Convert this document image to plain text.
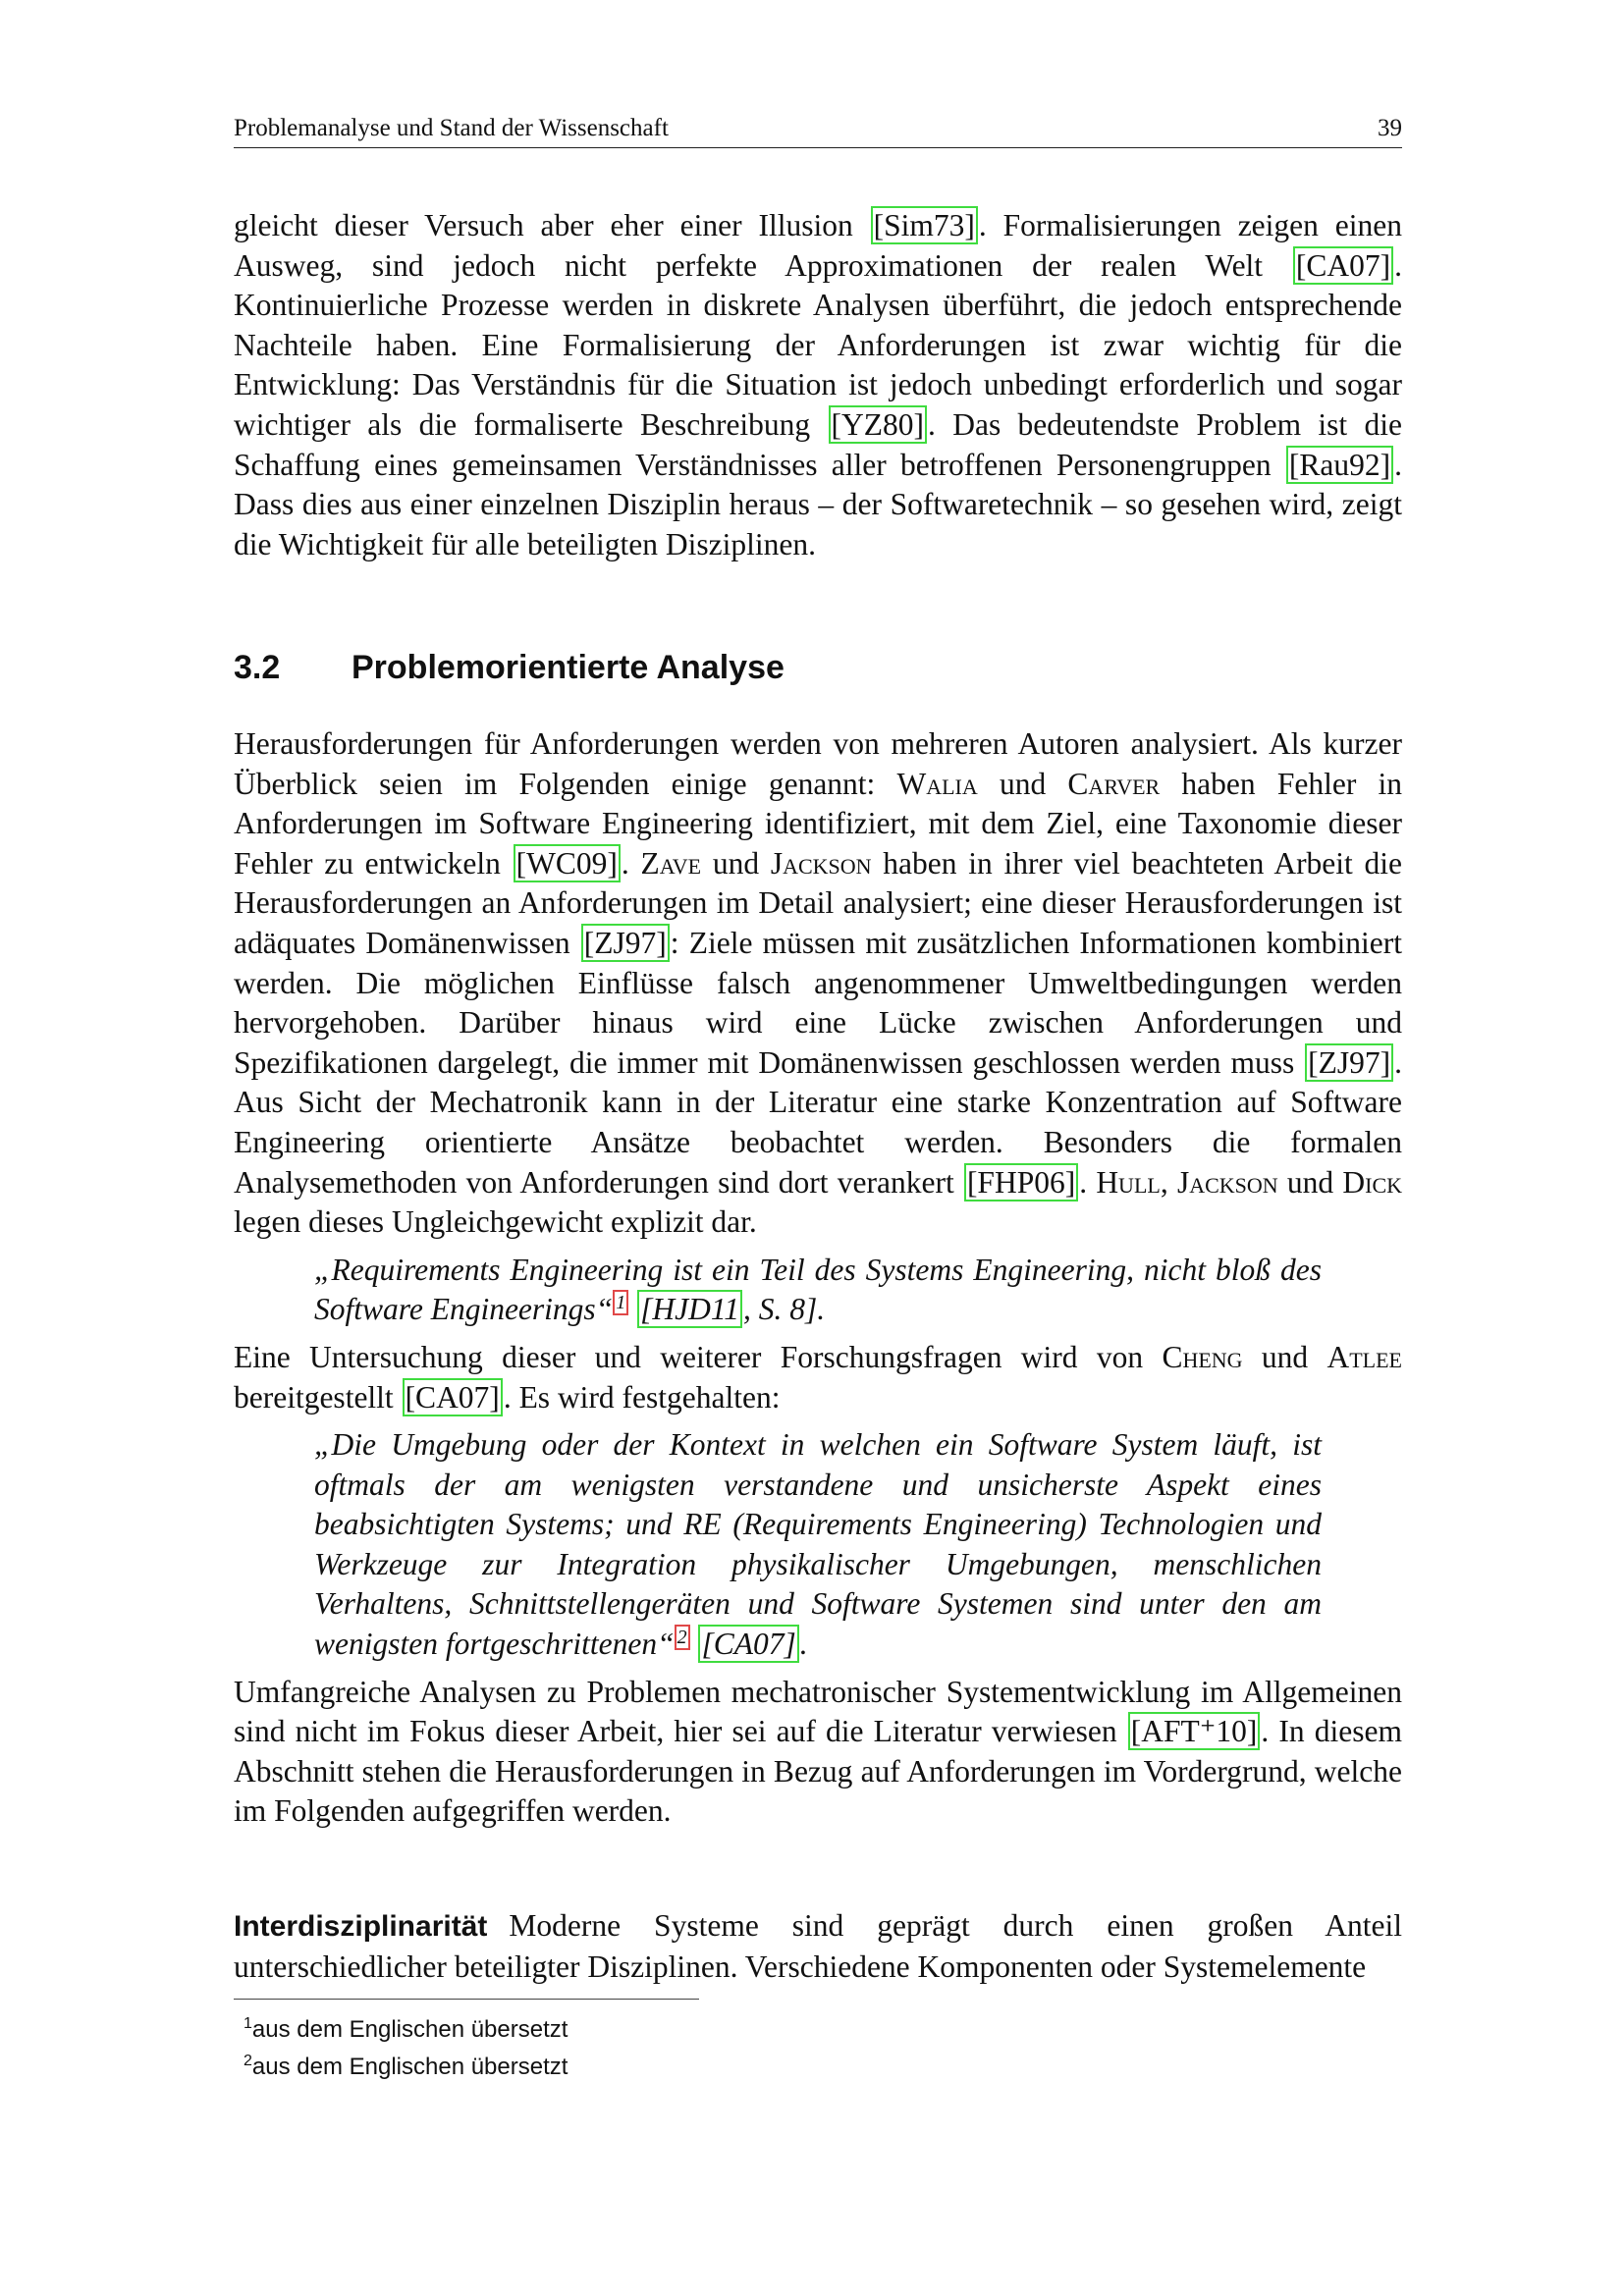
Problemanalyse und Stand der Wissenschaft	39

gleicht dieser Versuch aber eher einer Illusion [Sim73] . Formalisierungen zeigen einen Ausweg, sind jedoch nicht perfekte Approximationen der realen Welt [CA07] . Kontinuierliche Prozesse werden in diskrete Analysen überführt, die jedoch entsprechende Nachteile haben. Eine Formalisierung der Anforderungen ist zwar wichtig für die Entwicklung: Das Verständnis für die Situation ist jedoch unbedingt erforderlich und sogar wichtiger als die formaliserte Beschreibung [YZ80] . Das bedeutendste Problem ist die Schaffung eines gemeinsamen Verständnisses aller betroffenen Personengruppen [Rau92] . Dass dies aus einer einzelnen Disziplin heraus – der Softwaretechnik – so gesehen wird, zeigt die Wichtigkeit für alle beteiligten Disziplinen.

3.2 Problemorientierte Analyse

Herausforderungen für Anforderungen werden von mehreren Autoren analysiert. Als kurzer Überblick seien im Folgenden einige genannt: Walia und Carver haben Fehler in Anforderungen im Software Engineering identifiziert, mit dem Ziel, eine Taxonomie dieser Fehler zu entwickeln [WC09] . Zave und Jackson haben in ihrer viel beachteten Arbeit die Herausforderungen an Anforderungen im Detail analysiert; eine dieser Herausforderungen ist adäquates Domänenwissen [ZJ97] : Ziele müssen mit zusätzlichen Informationen kombiniert werden. Die möglichen Einflüsse falsch angenommener Umweltbedingungen werden hervorgehoben. Darüber hinaus wird eine Lücke zwischen Anforderungen und Spezifikationen dargelegt, die immer mit Domänenwissen geschlossen werden muss [ZJ97] . Aus Sicht der Mechatronik kann in der Literatur eine starke Konzentration auf Software Engineering orientierte Ansätze beobachtet werden. Besonders die formalen Analysemethoden von Anforderungen sind dort verankert [FHP06] . Hull, Jackson und Dick legen dieses Ungleichgewicht explizit dar.

„Requirements Engineering ist ein Teil des Systems Engineering, nicht bloß des Software Engineerings“ $^1$ [HJD11 , S. 8].

Eine Untersuchung dieser und weiterer Forschungsfragen wird von Cheng und Atlee bereitgestellt [CA07] . Es wird festgehalten:

„Die Umgebung oder der Kontext in welchen ein Software System läuft, ist oftmals der am wenigsten verstandene und unsicherste Aspekt eines beabsichtigten Systems; und RE (Requirements Engineering) Technologien und Werkzeuge zur Integration physikalischer Umgebungen, menschlichen Verhaltens, Schnittstellengeräten und Software Systemen sind unter den am wenigsten fortgeschrittenen“ $^2$ [CA07] .

Umfangreiche Analysen zu Problemen mechatronischer Systementwicklung im Allgemeinen sind nicht im Fokus dieser Arbeit, hier sei auf die Literatur verwiesen [AFT⁺10] . In diesem Abschnitt stehen die Herausforderungen in Bezug auf Anforderungen im Vordergrund, welche im Folgenden aufgegriffen werden.

Interdisziplinarität Moderne Systeme sind geprägt durch einen großen Anteil unterschiedlicher beteiligter Disziplinen. Verschiedene Komponenten oder Systemelemente

$^1$aus dem Englischen übersetzt
$^2$aus dem Englischen übersetzt
